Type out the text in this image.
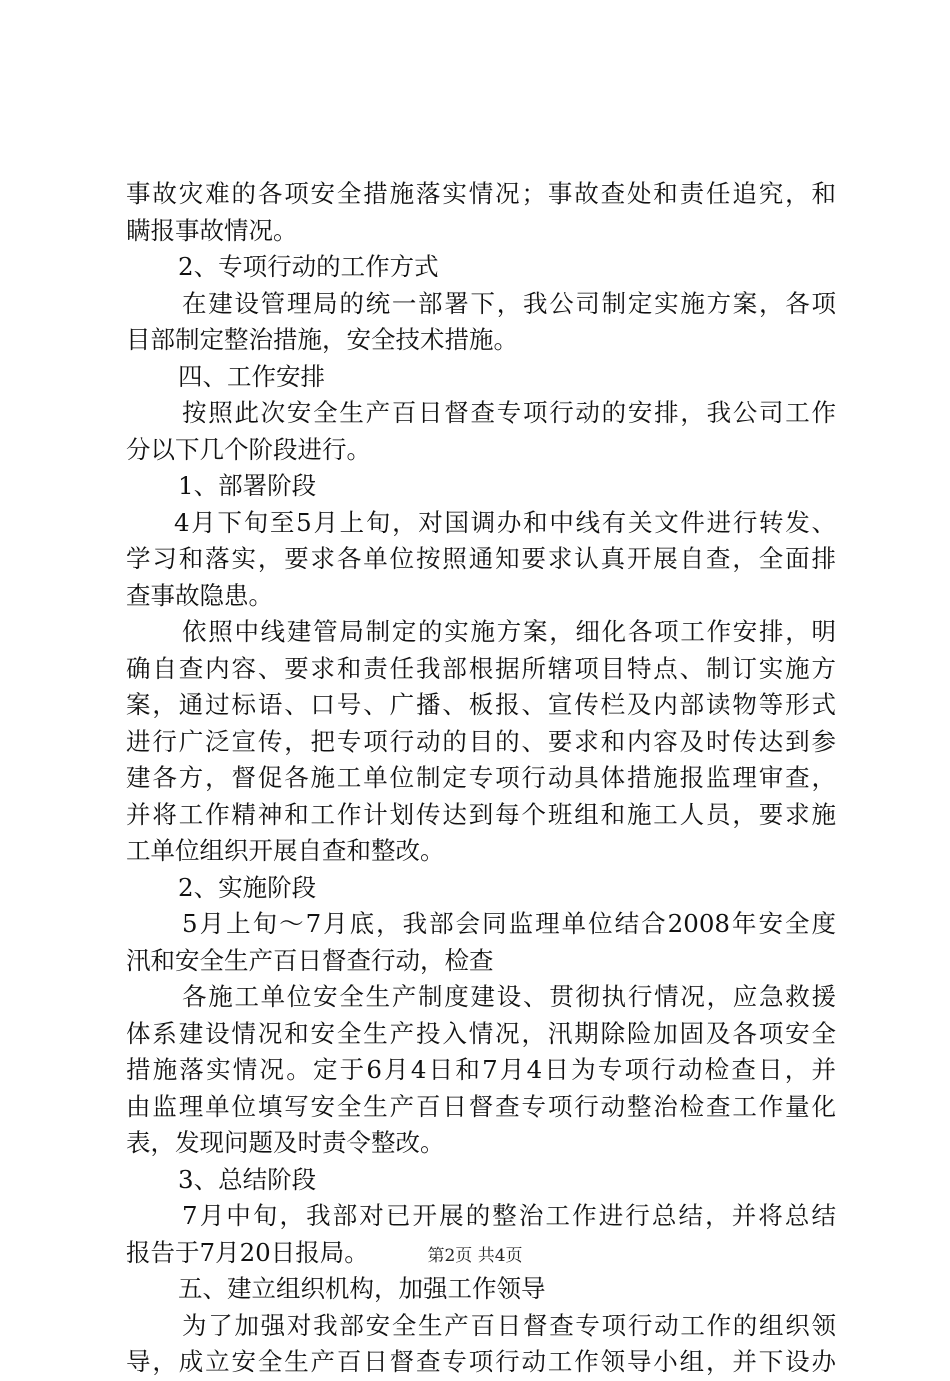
事故灾难的各项安全措施落实情况；事故查处和责任追究，和
瞒报事故情况。
2、专项行动的工作方式
在建设管理局的统一部署下，我公司制定实施方案，各项
目部制定整治措施，安全技术措施。
四、工作安排
按照此次安全生产百日督查专项行动的安排，我公司工作
分以下几个阶段进行。
1、部署阶段
4月下旬至5月上旬，对国调办和中线有关文件进行转发、
学习和落实，要求各单位按照通知要求认真开展自查，全面排
查事故隐患。
依照中线建管局制定的实施方案，细化各项工作安排，明
确自查内容、要求和责任我部根据所辖项目特点、制订实施方
案，通过标语、口号、广播、板报、宣传栏及内部读物等形式
进行广泛宣传，把专项行动的目的、要求和内容及时传达到参
建各方，督促各施工单位制定专项行动具体措施报监理审查，
并将工作精神和工作计划传达到每个班组和施工人员，要求施
工单位组织开展自查和整改。
2、实施阶段
5月上旬～7月底，我部会同监理单位结合2008年安全度
汛和安全生产百日督查行动，检查
各施工单位安全生产制度建设、贯彻执行情况，应急救援
体系建设情况和安全生产投入情况，汛期除险加固及各项安全
措施落实情况。定于6月4日和7月4日为专项行动检查日，并
由监理单位填写安全生产百日督查专项行动整治检查工作量化
表，发现问题及时责令整改。
3、总结阶段
7月中旬，我部对已开展的整治工作进行总结，并将总结
报告于7月20日报局。
五、建立组织机构，加强工作领导
为了加强对我部安全生产百日督查专项行动工作的组织领
导，成立安全生产百日督查专项行动工作领导小组，并下设办
第2页 共4页
